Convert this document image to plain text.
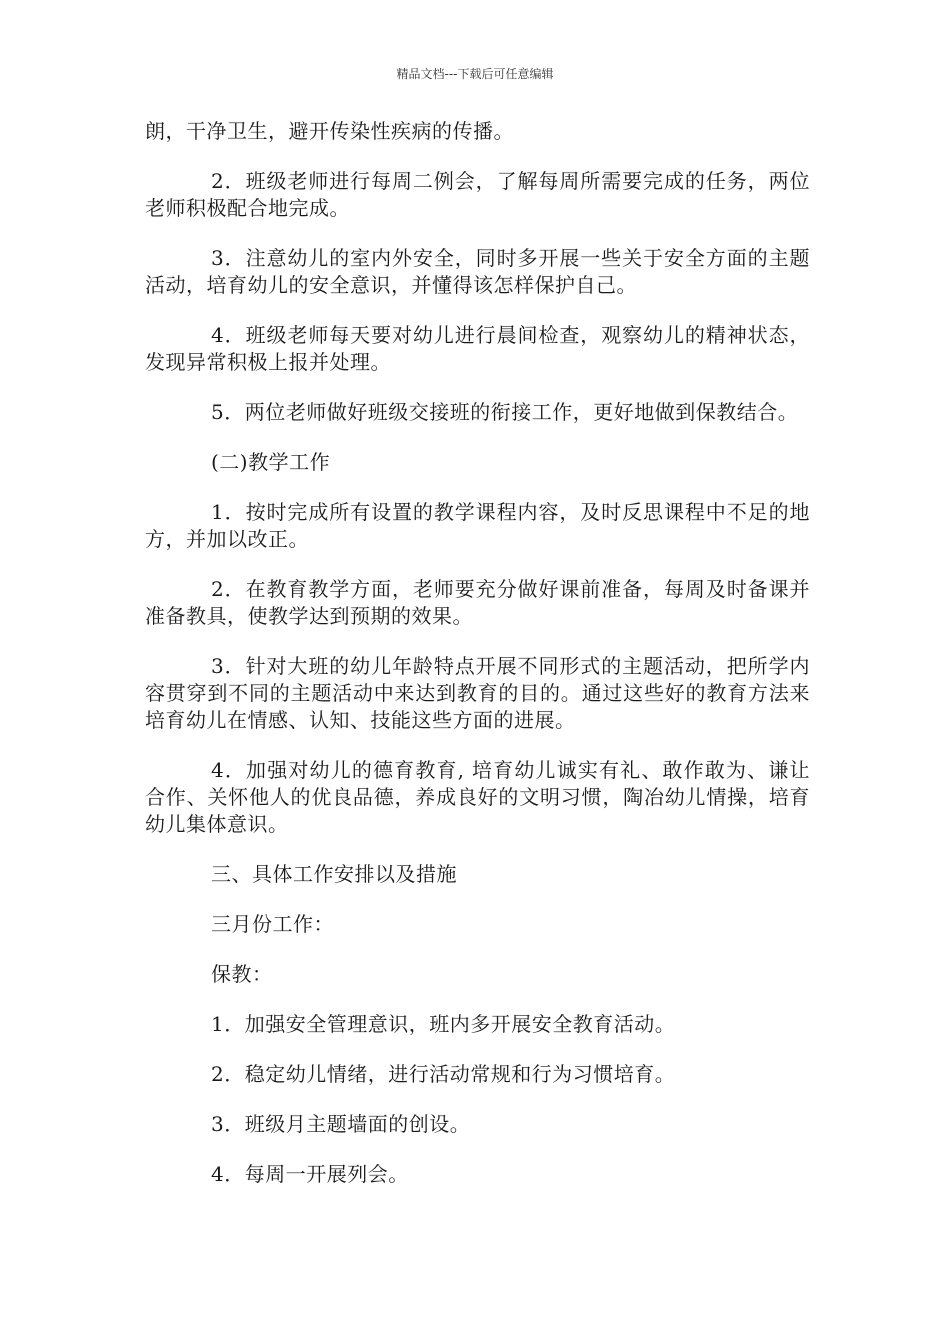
精品文档---下载后可任意编辑

朗，干净卫生，避开传染性疾病的传播。

2．班级老师进行每周二例会，了解每周所需要完成的任务，两位老师积极配合地完成。

3．注意幼儿的室内外安全，同时多开展一些关于安全方面的主题活动，培育幼儿的安全意识，并懂得该怎样保护自己。

4．班级老师每天要对幼儿进行晨间检查，观察幼儿的精神状态，发现异常积极上报并处理。

5．两位老师做好班级交接班的衔接工作，更好地做到保教结合。

(二)教学工作

1．按时完成所有设置的教学课程内容，及时反思课程中不足的地方，并加以改正。

2．在教育教学方面，老师要充分做好课前准备，每周及时备课并准备教具，使教学达到预期的效果。

3．针对大班的幼儿年龄特点开展不同形式的主题活动，把所学内容贯穿到不同的主题活动中来达到教育的目的。通过这些好的教育方法来培育幼儿在情感、认知、技能这些方面的进展。

4．加强对幼儿的德育教育, 培育幼儿诚实有礼、敢作敢为、谦让合作、关怀他人的优良品德，养成良好的文明习惯，陶冶幼儿情操，培育幼儿集体意识。

三、具体工作安排以及措施

三月份工作：

保教：

1．加强安全管理意识，班内多开展安全教育活动。

2．稳定幼儿情绪，进行活动常规和行为习惯培育。

3．班级月主题墙面的创设。

4．每周一开展列会。
